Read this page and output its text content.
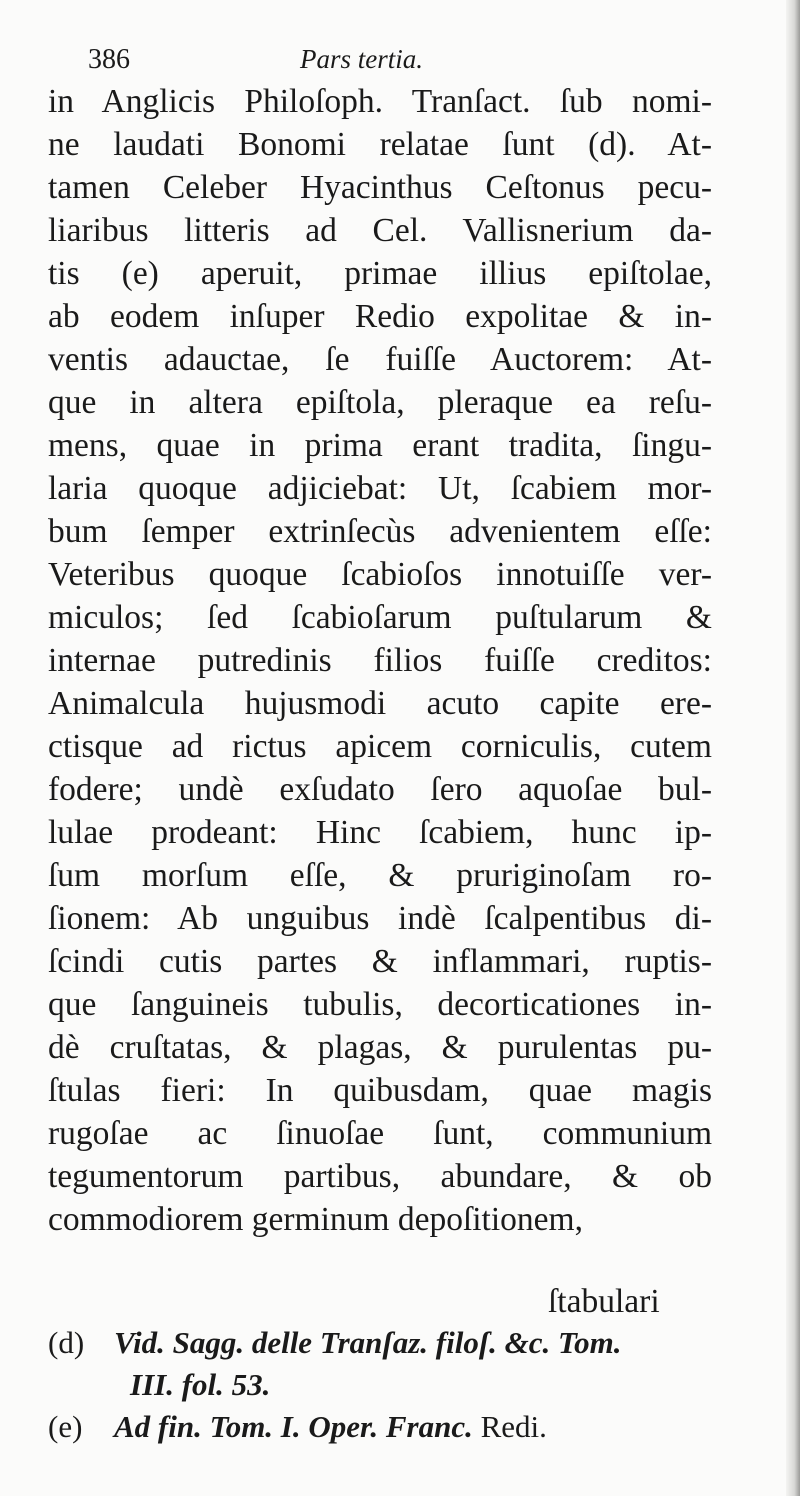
386	Pars tertia.
in Anglicis Philoſoph. Tranſact. ſub nomi-
ne laudati Bonomi relatae ſunt (d). At-
tamen Celeber Hyacinthus Ceſtonus pecu-
liaribus litteris ad Cel. Vallisnerium da-
tis (e) aperuit, primae illius epiſtolae,
ab eodem inſuper Redio expolitae & in-
ventis adauctae, ſe fuiſſe Auctorem: At-
que in altera epiſtola, pleraque ea reſu-
mens, quae in prima erant tradita, ſingu-
laria quoque adjiciebat: Ut, ſcabiem mor-
bum ſemper extrinſecùs advenientem eſſe:
Veteribus quoque ſcabioſos innotuiſſe ver-
miculos; ſed ſcabioſarum puſtularum &
internae putredinis filios fuiſſe creditos:
Animalcula hujusmodi acuto capite ere-
ctisque ad rictus apicem corniculis, cutem
fodere; undè exſudato ſero aquoſae bul-
lulae prodeant: Hinc ſcabiem, hunc ip-
ſum morſum eſſe, & pruriginoſam ro-
ſionem: Ab unguibus indè ſcalpentibus di-
ſcindi cutis partes & inflammari, ruptis-
que ſanguineis tubulis, decorticationes in-
dè cruſtatas, & plagas, & purulentas pu-
ſtulas fieri: In quibusdam, quae magis
rugoſae ac ſinuoſae ſunt, communium
tegumentorum partibus, abundare, & ob
commodiorem germinum depoſitionem,
ſtabulari
(d) Vid. Sagg. delle Tranſaz. filoſ. &c. Tom.
III. fol. 53.
(e) Ad fin. Tom. I. Oper. Franc. Redi.
